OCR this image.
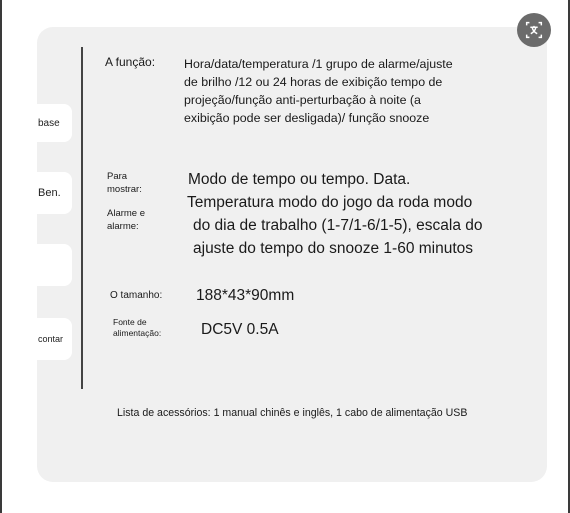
base
Ben.
contar
A função: Hora/data/temperatura /1 grupo de alarme/ajuste
de brilho /12 ou 24 horas de exibição tempo de
projeção/função anti-perturbação à noite (a
exibição pode ser desligada)/ função snooze
Para
mostrar:
Alarme e
alarme:
Modo de tempo ou tempo. Data.
Temperatura modo do jogo da roda modo
do dia de trabalho (1-7/1-6/1-5), escala do
ajuste do tempo do snooze 1-60 minutos
O tamanho: 188*43*90mm
Fonte de
alimentação:	DC5V 0.5A
Lista de acessórios: 1 manual chinês e inglês, 1 cabo de alimentação USB
